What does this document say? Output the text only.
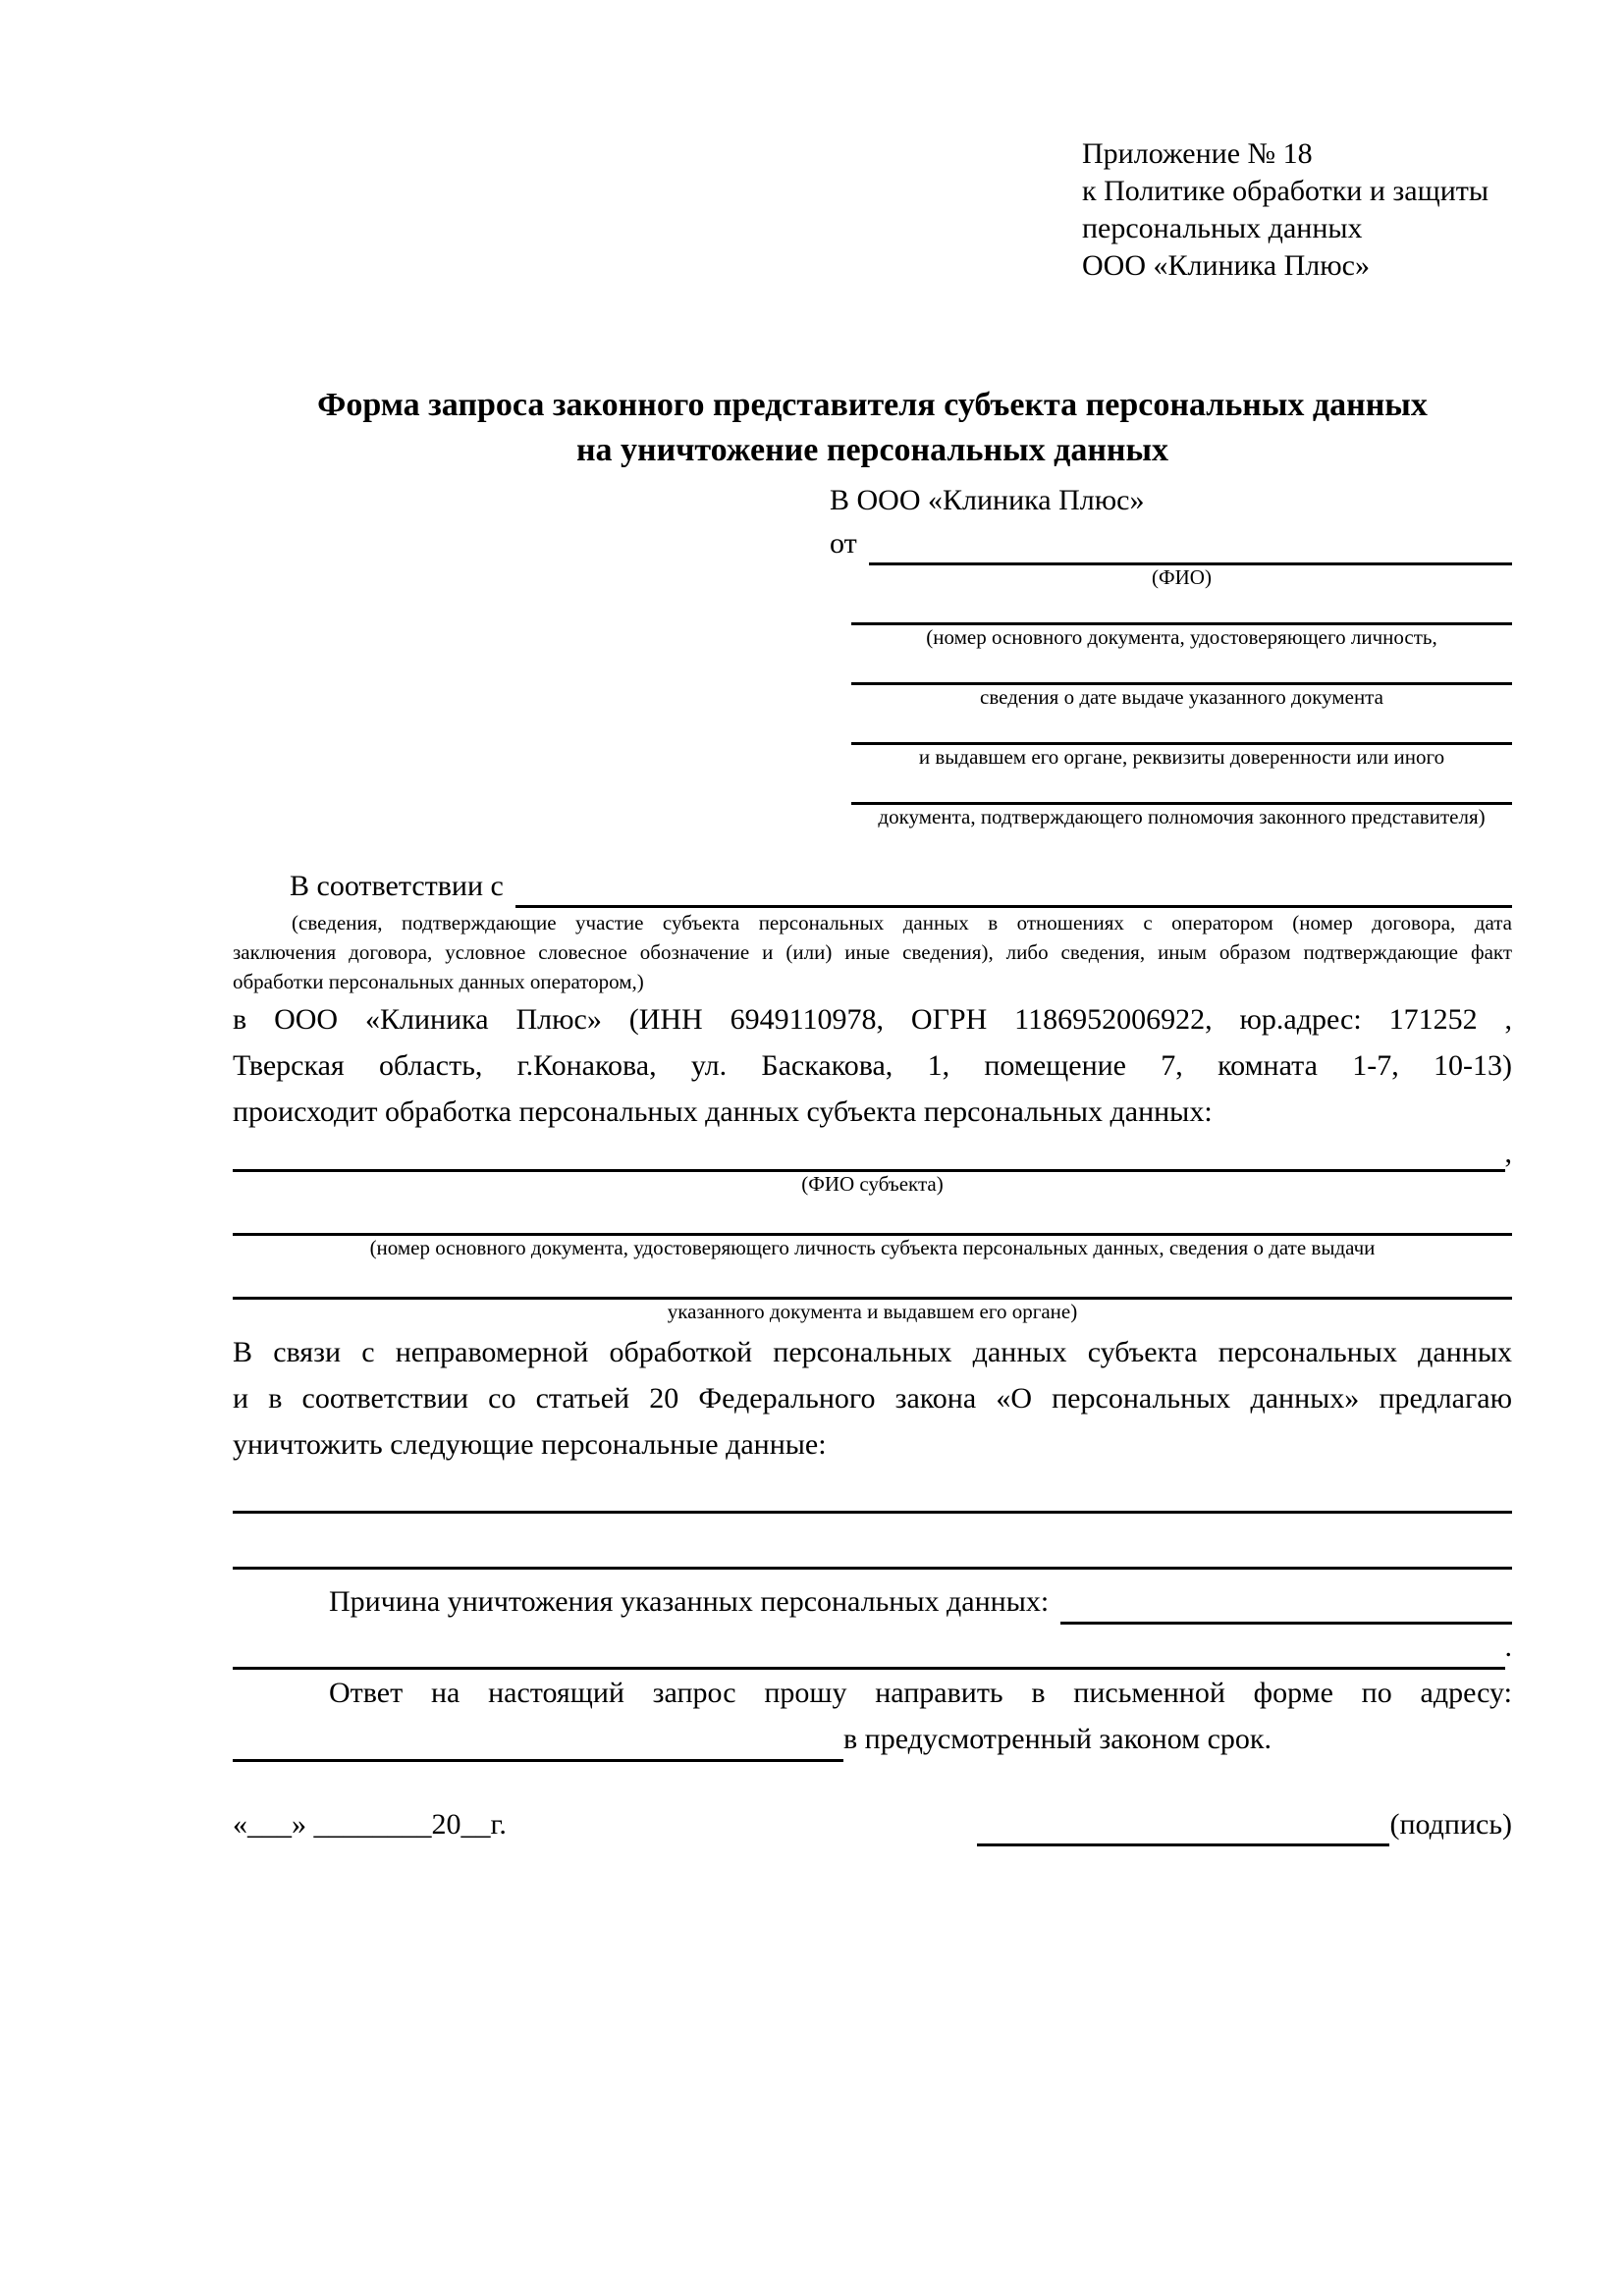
Приложение № 18
к Политике обработки и защиты
персональных данных
ООО «Клиника Плюс»
Форма запроса законного представителя субъекта персональных данных
на уничтожение персональных данных
В ООО «Клиника Плюс»
от
(ФИО)
(номер основного документа, удостоверяющего личность,
сведения о дате выдаче указанного документа
и выдавшем его органе, реквизиты доверенности или иного
документа, подтверждающего полномочия законного представителя)
В соответствии с
(сведения, подтверждающие участие субъекта персональных данных в отношениях с оператором (номер договора, дата
заключения договора, условное словесное обозначение и (или) иные сведения), либо сведения, иным образом подтверждающие факт
обработки персональных данных оператором,)
в ООО «Клиника Плюс» (ИНН 6949110978, ОГРН 1186952006922, юр.адрес: 171252 ,
Тверская область, г.Конакова, ул. Баскакова, 1, помещение 7, комната 1-7, 10-13)
происходит обработка персональных данных субъекта персональных данных:
,
(ФИО субъекта)
(номер основного документа, удостоверяющего личность субъекта персональных данных, сведения о дате выдачи
указанного документа и выдавшем его органе)
В связи с неправомерной обработкой персональных данных субъекта персональных данных
и в соответствии со статьей 20 Федерального закона «О персональных данных» предлагаю
уничтожить следующие персональные данные:
Причина уничтожения указанных персональных данных:
.
Ответ на настоящий запрос прошу направить в письменной форме по адресу:
в предусмотренный законом срок.
«___» ________20__г.	(подпись)
